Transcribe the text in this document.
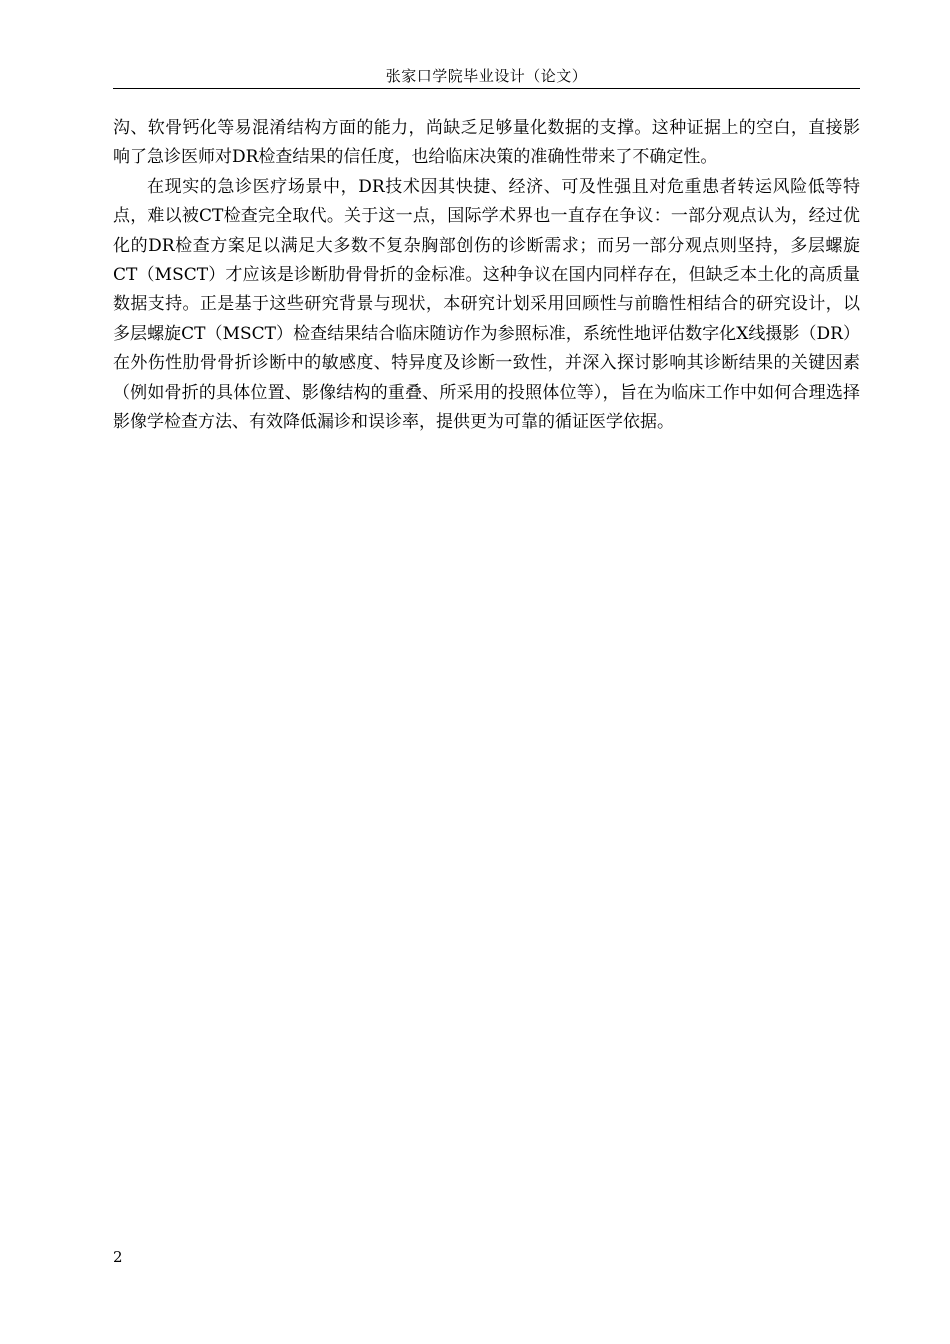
张家口学院毕业设计（论文）

沟、软骨钙化等易混淆结构方面的能力，尚缺乏足够量化数据的支撑。这种证据上的空白，直接影响了急诊医师对DR检查结果的信任度，也给临床决策的准确性带来了不确定性。

在现实的急诊医疗场景中，DR技术因其快捷、经济、可及性强且对危重患者转运风险低等特点，难以被CT检查完全取代。关于这一点，国际学术界也一直存在争议：一部分观点认为，经过优化的DR检查方案足以满足大多数不复杂胸部创伤的诊断需求；而另一部分观点则坚持，多层螺旋CT（MSCT）才应该是诊断肋骨骨折的金标准。这种争议在国内同样存在，但缺乏本土化的高质量数据支持。正是基于这些研究背景与现状，本研究计划采用回顾性与前瞻性相结合的研究设计，以多层螺旋CT（MSCT）检查结果结合临床随访作为参照标准，系统性地评估数字化X线摄影（DR）在外伤性肋骨骨折诊断中的敏感度、特异度及诊断一致性，并深入探讨影响其诊断结果的关键因素（例如骨折的具体位置、影像结构的重叠、所采用的投照体位等），旨在为临床工作中如何合理选择影像学检查方法、有效降低漏诊和误诊率，提供更为可靠的循证医学依据。

2
